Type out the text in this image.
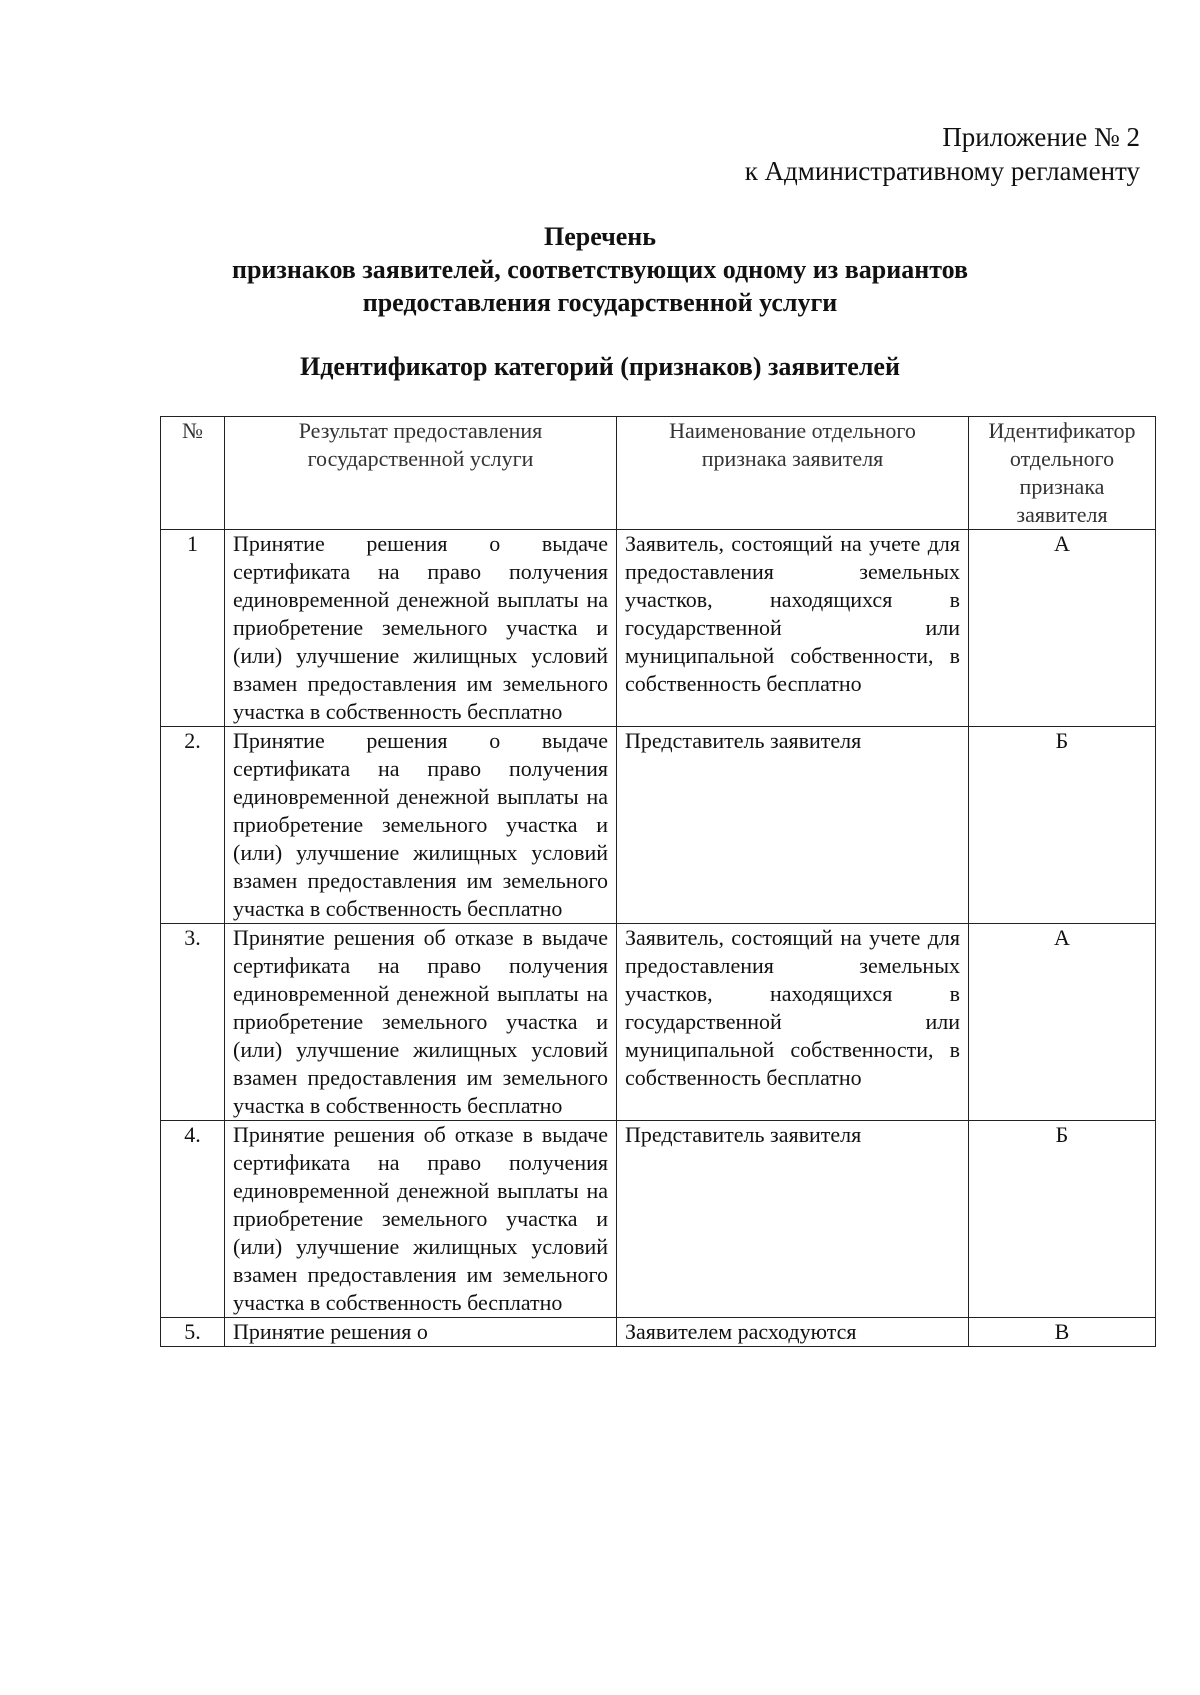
Приложение № 2
к Административному регламенту
Перечень
признаков заявителей, соответствующих одному из вариантов
предоставления государственной услуги
Идентификатор категорий (признаков) заявителей
№	Результат предоставления государственной услуги	Наименование отдельного признака заявителя	Идентификатор отдельного признака заявителя
1	Принятие решения о выдаче сертификата на право получения единовременной денежной выплаты на приобретение земельного участка и (или) улучшение жилищных условий взамен предоставления им земельного участка в собственность бесплатно	Заявитель, состоящий на учете для предоставления земельных участков, находящихся в государственной или муниципальной собственности, в собственность бесплатно	А
2.	Принятие решения о выдаче сертификата на право получения единовременной денежной выплаты на приобретение земельного участка и (или) улучшение жилищных условий взамен предоставления им земельного участка в собственность бесплатно	Представитель заявителя	Б
3.	Принятие решения об отказе в выдаче сертификата на право получения единовременной денежной выплаты на приобретение земельного участка и (или) улучшение жилищных условий взамен предоставления им земельного участка в собственность бесплатно	Заявитель, состоящий на учете для предоставления земельных участков, находящихся в государственной или муниципальной собственности, в собственность бесплатно	А
4.	Принятие решения об отказе в выдаче сертификата на право получения единовременной денежной выплаты на приобретение земельного участка и (или) улучшение жилищных условий взамен предоставления им земельного участка в собственность бесплатно	Представитель заявителя	Б
5.	Принятие решения о	Заявителем расходуются	В
